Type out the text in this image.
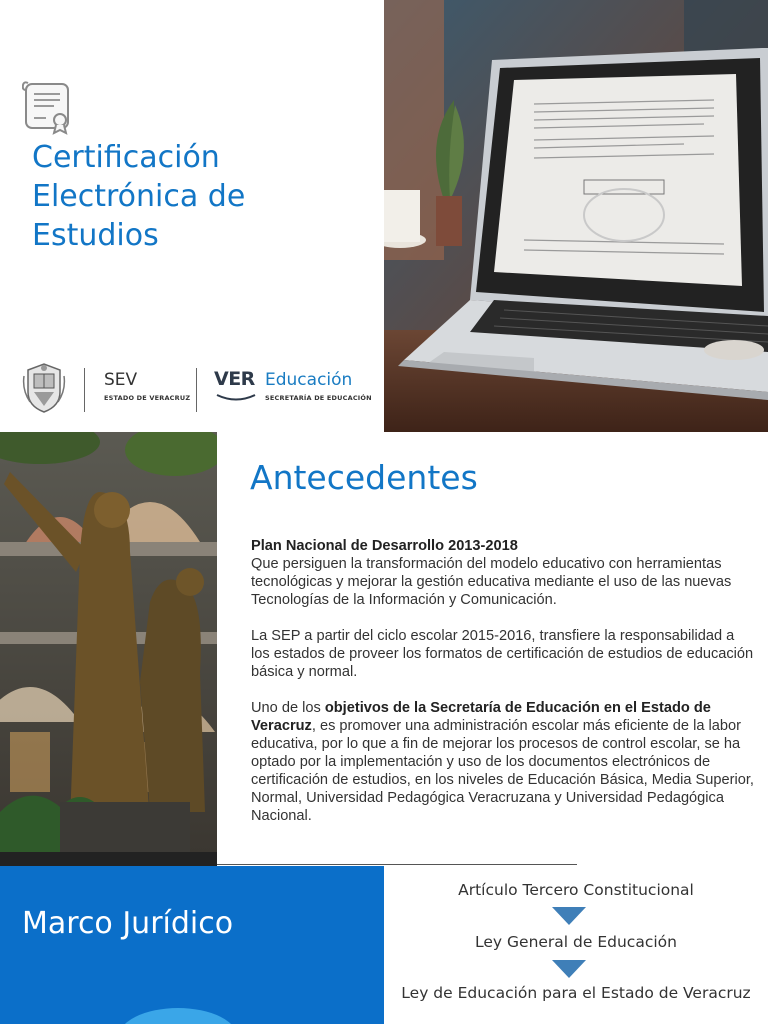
Certificación
Electrónica de
Estudios
SEV
ESTADO DE VERACRUZ
VER Educación
SECRETARÍA DE EDUCACIÓN
Antecedentes

Plan Nacional de Desarrollo 2013-2018
Que persiguen la transformación del modelo educativo con herramientas tecnológicas y mejorar la gestión educativa mediante el uso de las nuevas Tecnologías de la Información y Comunicación.

La SEP a partir del ciclo escolar 2015-2016, transfiere la responsabilidad a los estados de proveer los formatos de certificación de estudios de educación básica y normal.

Uno de los objetivos de la Secretaría de Educación en el Estado de Veracruz, es promover una administración escolar más eficiente de la labor educativa, por lo que a fin de mejorar los procesos de control escolar, se ha optado por la implementación y uso de los documentos electrónicos de certificación de estudios, en los niveles de Educación Básica, Media Superior, Normal, Universidad Pedagógica Veracruzana y Universidad Pedagógica Nacional.

Marco Jurídico
Artículo Tercero Constitucional
Ley General de Educación
Ley de Educación para el Estado de Veracruz
